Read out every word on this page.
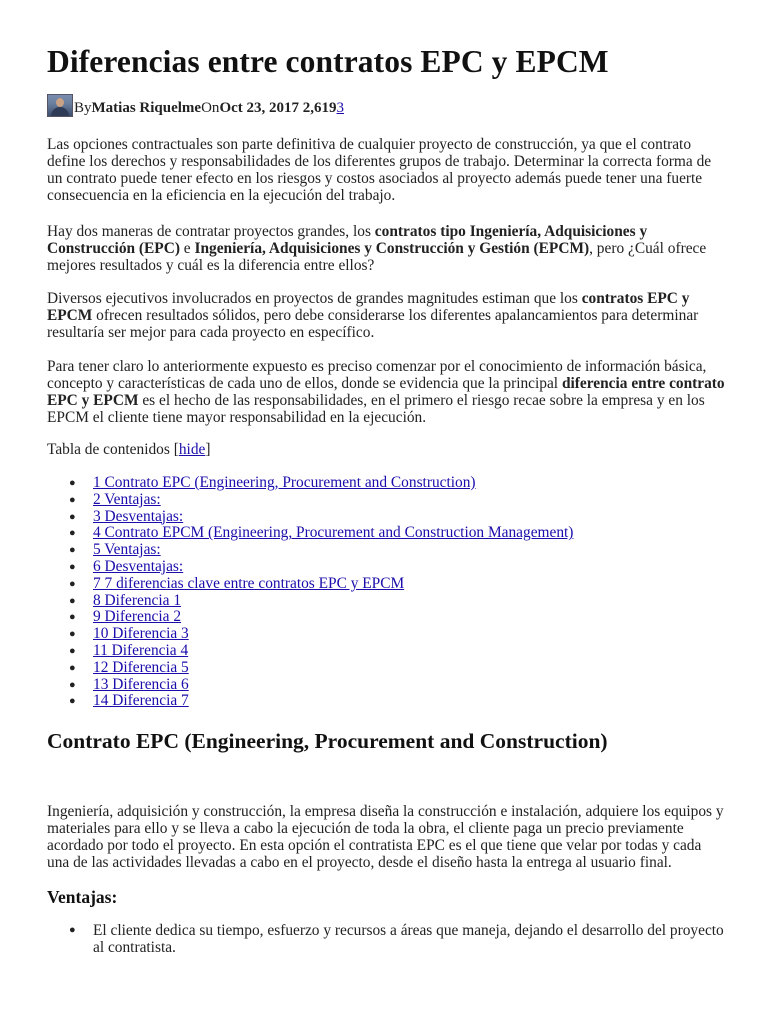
Diferencias entre contratos EPC y EPCM
By Matias Riquelme On Oct 23, 2017 2,619 3

Las opciones contractuales son parte definitiva de cualquier proyecto de construcción, ya que el contrato define los derechos y responsabilidades de los diferentes grupos de trabajo. Determinar la correcta forma de un contrato puede tener efecto en los riesgos y costos asociados al proyecto además puede tener una fuerte consecuencia en la eficiencia en la ejecución del trabajo.

Hay dos maneras de contratar proyectos grandes, los contratos tipo Ingeniería, Adquisiciones y Construcción (EPC) e Ingeniería, Adquisiciones y Construcción y Gestión (EPCM), pero ¿Cuál ofrece mejores resultados y cuál es la diferencia entre ellos?

Diversos ejecutivos involucrados en proyectos de grandes magnitudes estiman que los contratos EPC y EPCM ofrecen resultados sólidos, pero debe considerarse los diferentes apalancamientos para determinar resultaría ser mejor para cada proyecto en específico.

Para tener claro lo anteriormente expuesto es preciso comenzar por el conocimiento de información básica, concepto y características de cada uno de ellos, donde se evidencia que la principal diferencia entre contrato EPC y EPCM es el hecho de las responsabilidades, en el primero el riesgo recae sobre la empresa y en los EPCM el cliente tiene mayor responsabilidad en la ejecución.

Tabla de contenidos [hide]
● 1 Contrato EPC (Engineering, Procurement and Construction)
● 2 Ventajas:
● 3 Desventajas:
● 4 Contrato EPCM (Engineering, Procurement and Construction Management)
● 5 Ventajas:
● 6 Desventajas:
● 7 7 diferencias clave entre contratos EPC y EPCM
● 8 Diferencia 1
● 9 Diferencia 2
● 10 Diferencia 3
● 11 Diferencia 4
● 12 Diferencia 5
● 13 Diferencia 6
● 14 Diferencia 7
Contrato EPC (Engineering, Procurement and Construction)

Ingeniería, adquisición y construcción, la empresa diseña la construcción e instalación, adquiere los equipos y materiales para ello y se lleva a cabo la ejecución de toda la obra, el cliente paga un precio previamente acordado por todo el proyecto. En esta opción el contratista EPC es el que tiene que velar por todas y cada una de las actividades llevadas a cabo en el proyecto, desde el diseño hasta la entrega al usuario final.

Ventajas:
● El cliente dedica su tiempo, esfuerzo y recursos a áreas que maneja, dejando el desarrollo del proyecto al contratista.
